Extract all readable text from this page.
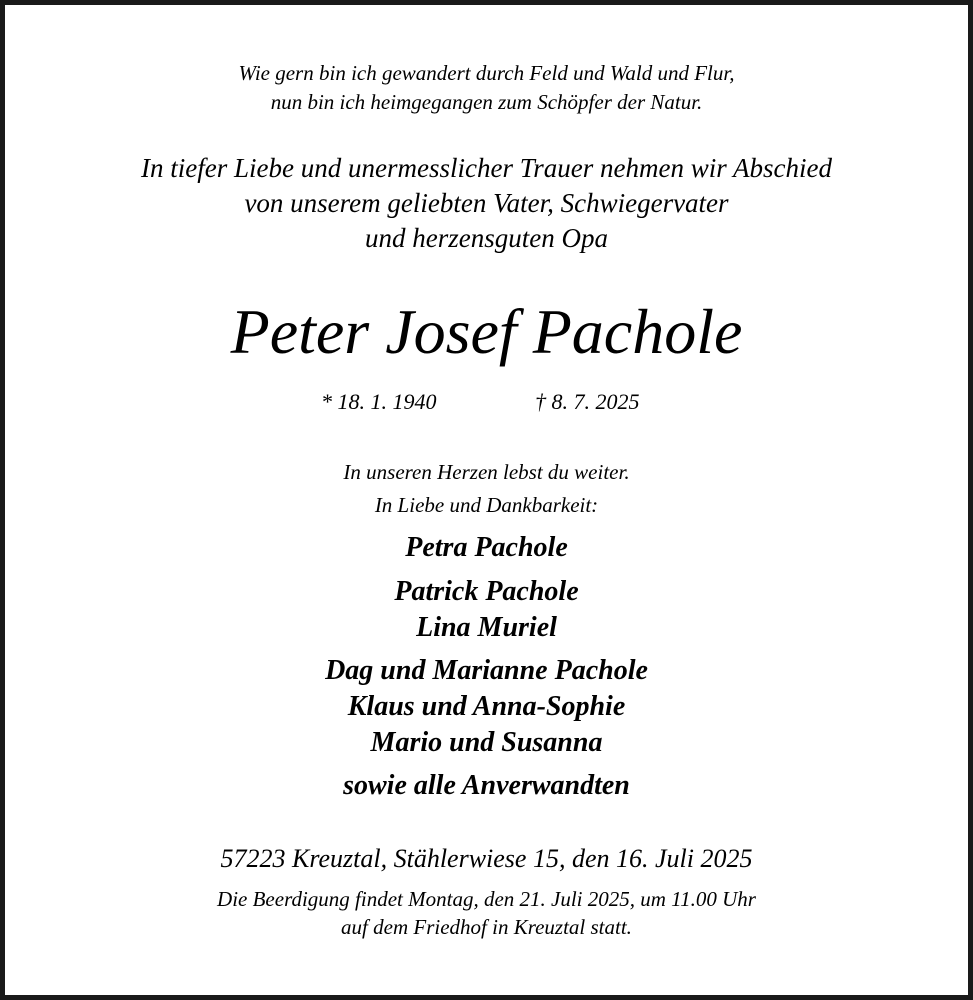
Wie gern bin ich gewandert durch Feld und Wald und Flur,
nun bin ich heimgegangen zum Schöpfer der Natur.
In tiefer Liebe und unermesslicher Trauer nehmen wir Abschied
von unserem geliebten Vater, Schwiegervater
und herzensguten Opa
Peter Josef Pachole
* 18. 1. 1940	† 8. 7. 2025
In unseren Herzen lebst du weiter.
In Liebe und Dankbarkeit:
Petra Pachole
Patrick Pachole
Lina Muriel
Dag und Marianne Pachole
Klaus und Anna-Sophie
Mario und Susanna
sowie alle Anverwandten
57223 Kreuztal, Stählerwiese 15, den 16. Juli 2025
Die Beerdigung findet Montag, den 21. Juli 2025, um 11.00 Uhr
auf dem Friedhof in Kreuztal statt.
